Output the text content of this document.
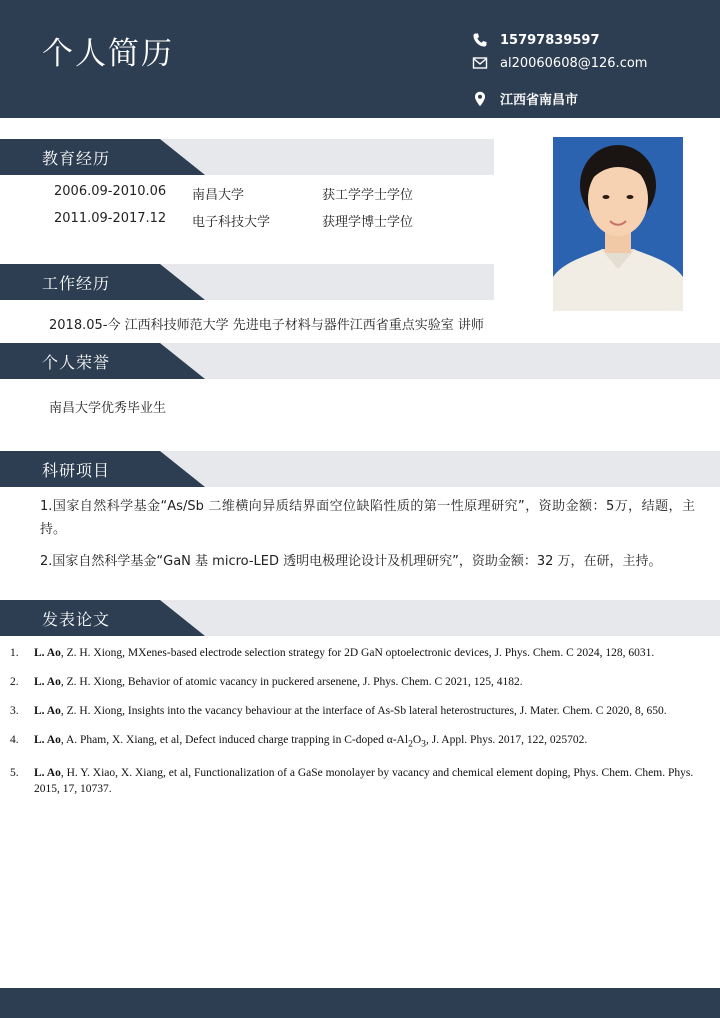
个人简历	15797839597
al20060608@126.com
江西省南昌市
教育经历
2006.09-2010.06 南昌大学	获工学学士学位
2011.09-2017.12 电子科技大学	获理学博士学位
工作经历
2018.05-今 江西科技师范大学 先进电子材料与器件江西省重点实验室 讲师
个人荣誉
南昌大学优秀毕业生
科研项目
1.国家自然科学基金“As/Sb 二维横向异质结界面空位缺陷性质的第一性原理研究”，资助金额：5万，结题，主持。
2.国家自然科学基金“GaN 基 micro-LED 透明电极理论设计及机理研究”，资助金额：32 万，在研，主持。
发表论文
1. L. Ao, Z. H. Xiong, MXenes-based electrode selection strategy for 2D GaN optoelectronic devices, J. Phys. Chem. C 2024, 128, 6031.
2. L. Ao, Z. H. Xiong, Behavior of atomic vacancy in puckered arsenene, J. Phys. Chem. C 2021, 125, 4182.
3. L. Ao, Z. H. Xiong, Insights into the vacancy behaviour at the interface of As-Sb lateral heterostructures, J. Mater. Chem. C 2020, 8, 650.
4. L. Ao, A. Pham, X. Xiang, et al, Defect induced charge trapping in C-doped $\alpha-Al_2O_3$, J. Appl. Phys. 2017, 122, 025702.
5. L. Ao, H. Y. Xiao, X. Xiang, et al, Functionalization of a GaSe monolayer by vacancy and chemical element doping, Phys. Chem. Chem. Phys. 2015, 17, 10737.
